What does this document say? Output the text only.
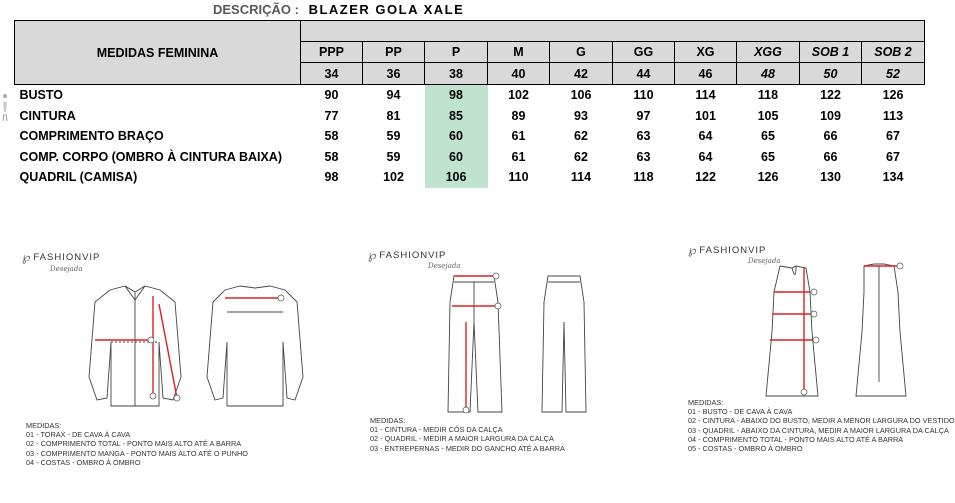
DESCRIÇÃO : BLAZER GOLA XALE
MEDIDAS FEMININA										
	PPP	PP	P	M	G	GG	XG	XGG	SOB 1	SOB 2
	34	36	38	40	42	44	46	48	50	52
BUSTO	90	94	98	102	106	110	114	118	122	126
CINTURA	77	81	85	89	93	97	101	105	109	113
COMPRIMENTO BRAÇO	58	59	60	61	62	63	64	65	66	67
COMP. CORPO (OMBRO À CINTURA BAIXA)	58	59	60	61	62	63	64	65	66	67
QUADRIL (CAMISA)	98	102	106	110	114	118	122	126	130	134
℘ FASHIONVIP
Desejada
MEDIDAS:
01 - TORAX - DE CAVA À CAVA
02 - COMPRIMENTO TOTAL - PONTO MAIS ALTO ATÉ A BARRA
03 - COMPRIMENTO MANGA - PONTO MAIS ALTO ATÉ O PUNHO
04 - COSTAS - OMBRO À OMBRO
℘ FASHIONVIP
Desejada
MEDIDAS:
01 - CINTURA - MEDIR CÓS DA CALÇA
02 - QUADRIL - MEDIR A MAIOR LARGURA DA CALÇA
03 - ENTREPERNAS - MEDIR DO GANCHO ATÉ A BARRA
℘ FASHIONVIP
Desejada
MEDIDAS:
01 - BUSTO - DE CAVA À CAVA
02 - CINTURA - ABAIXO DO BUSTO, MEDIR A MENOR LARGURA DO VESTIDO
03 - QUADRIL - ABAIXO DA CINTURA, MEDIR A MAIOR LARGURA DA CALÇA
04 - COMPRIMENTO TOTAL - PONTO MAIS ALTO ATÉ A BARRA
05 - COSTAS - OMBRO À OMBRO
